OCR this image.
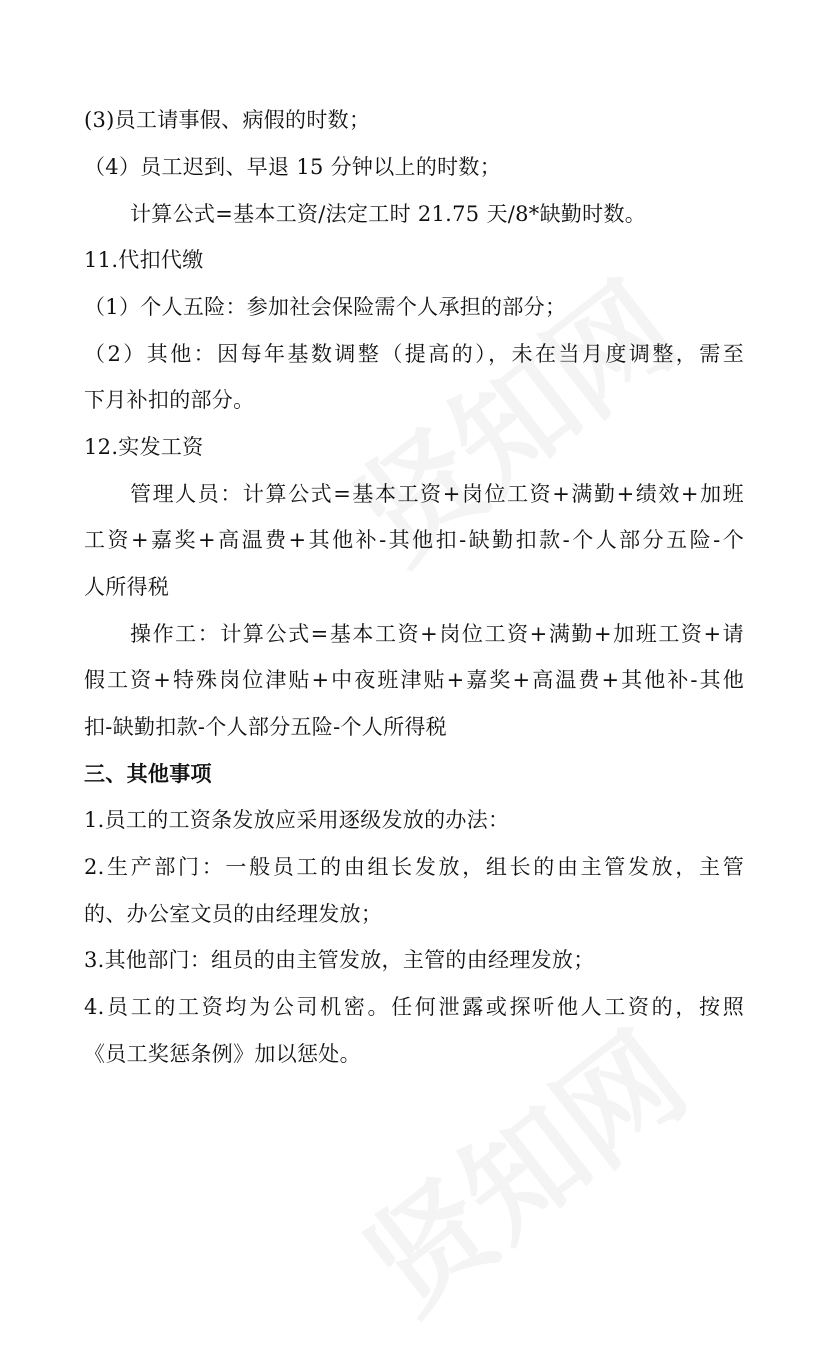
(3)员工请事假、病假的时数；
（4）员工迟到、早退 15 分钟以上的时数；
计算公式=基本工资/法定工时 21.75 天/8*缺勤时数。
11.代扣代缴
（1）个人五险：参加社会保险需个人承担的部分；
（2）其他：因每年基数调整（提高的），未在当月度调整，需至
下月补扣的部分。
12.实发工资
管理人员：计算公式=基本工资+岗位工资+满勤+绩效+加班
工资+嘉奖+高温费+其他补-其他扣-缺勤扣款-个人部分五险-个
人所得税
操作工：计算公式=基本工资+岗位工资+满勤+加班工资+请
假工资+特殊岗位津贴+中夜班津贴+嘉奖+高温费+其他补-其他
扣-缺勤扣款-个人部分五险-个人所得税
三、其他事项
1.员工的工资条发放应采用逐级发放的办法：
2.生产部门：一般员工的由组长发放，组长的由主管发放，主管
的、办公室文员的由经理发放；
3.其他部门：组员的由主管发放，主管的由经理发放；
4.员工的工资均为公司机密。任何泄露或探听他人工资的，按照
《员工奖惩条例》加以惩处。
